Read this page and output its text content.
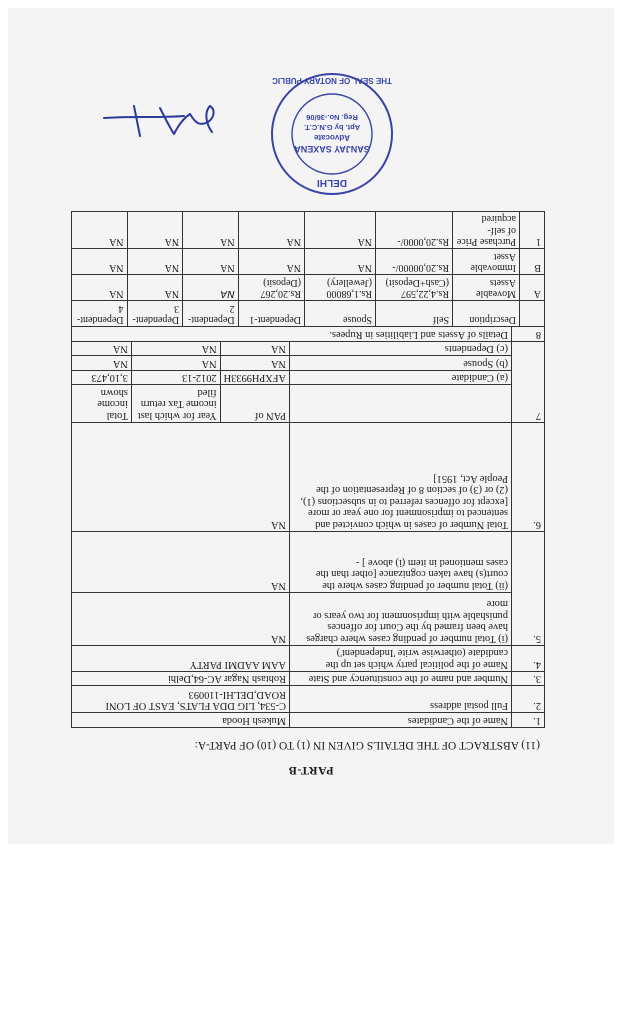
PART-B
(11) ABSTRACT OF THE DETAILS GIVEN IN (1) TO (10) OF PART-A:
1.	Name of the Candidates	Mukesh Hooda
2.	Full postal address	C-534, LIG DDA FLATS, EAST OF LONI ROAD,DELHI-110093
3.	Number and name of the constituency and State	Rohtash Nagar AC-64,Delhi
4.	Name of the political party which set up the candidate (otherwise write 'Independent')	AAM AADMI PARTY
5.	(i) Total number of pending cases where charges have been framed by the Court for offences punishable with imprisonment for two years or more	NA
(ii) Total number of pending cases where the court(s) have taken cognizance [other than the cases mentioned in item (i) above ] -	NA
6.	Total Number of cases in which convicted and sentenced to imprisonment for one year or more [except for offences referred to in subsections (1), (2) or (3) of section 8 of Representation of the People Act, 1951]	NA
7		PAN of	Year for which last income Tax return filed	Total income shown
(a) Candidate	AFXPH9933H	2012-13	3,10,473
(b) Spouse	NA	NA	NA
(c) Dependents	NA	NA	NA
8	Details of Assets and Liabilities in Rupees.

	Description	Self	Spouse	Dependent-1	Dependent-2	Dependent-3	Dependent-4
A	Moveable Assets	Rs.4,22,597 (Cash+Deposit)	Rs.1,68000 (Jewellery)	Rs.20,267 (Deposit)	NA	NA	NA
B	Immovable Asset	Rs.20,00000/-	NA	NA	NA	NA	NA
1	Purchase Price of self-acquired	Rs.20,0000/-	NA	NA	NA	NA	NA
SANJAY SAXENA
Advocate
Apt. by G.N.C.T.
Reg. No.-36/06
DELHI
THE SEAL OF NOTARY PUBLIC
